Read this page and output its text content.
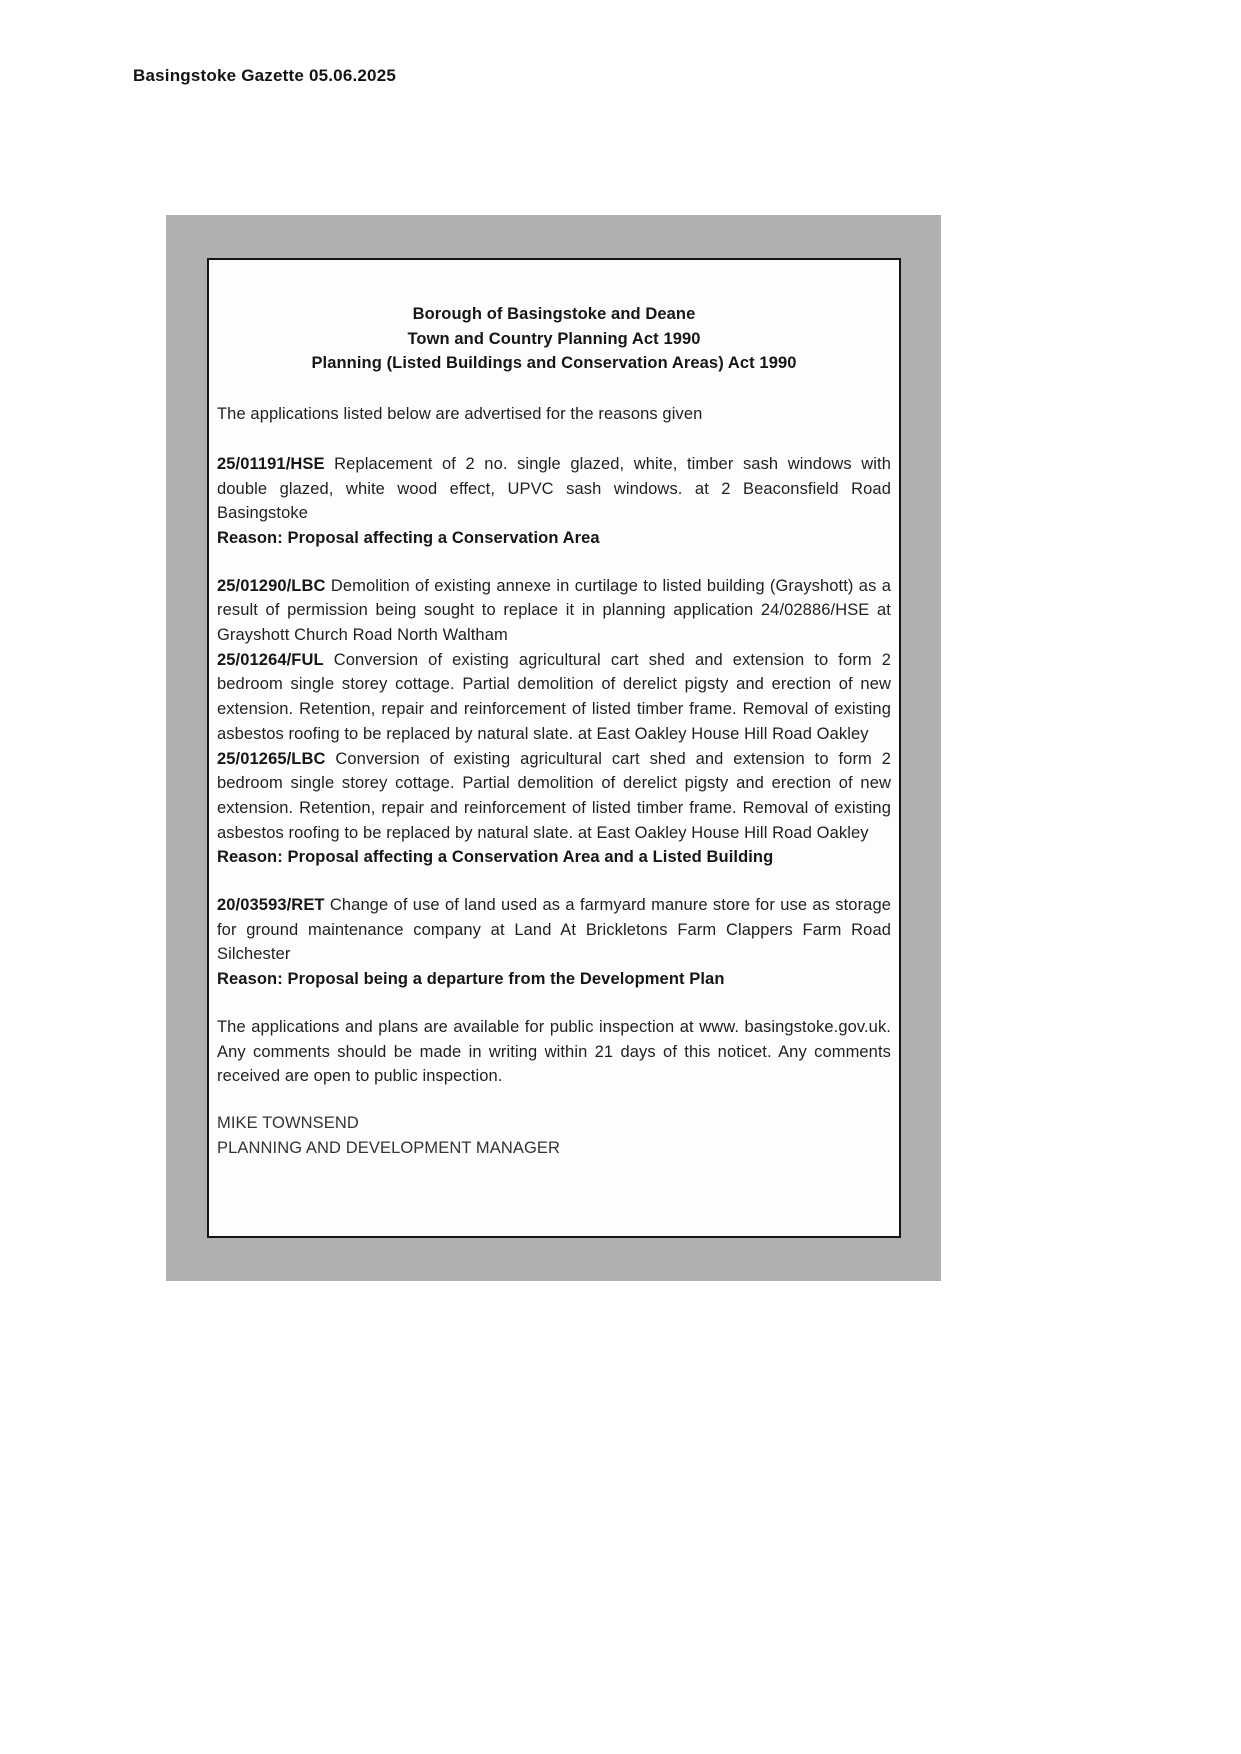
Basingstoke Gazette 05.06.2025
Borough of Basingstoke and Deane
Town and Country Planning Act 1990
Planning (Listed Buildings and Conservation Areas) Act 1990

The applications listed below are advertised for the reasons given

25/01191/HSE Replacement of 2 no. single glazed, white, timber sash windows with double glazed, white wood effect, UPVC sash windows. at 2 Beaconsfield Road Basingstoke

Reason: Proposal affecting a Conservation Area

25/01290/LBC Demolition of existing annexe in curtilage to listed building (Grayshott) as a result of permission being sought to replace it in planning application 24/02886/HSE at Grayshott Church Road North Waltham

25/01264/FUL Conversion of existing agricultural cart shed and extension to form 2 bedroom single storey cottage. Partial demolition of derelict pigsty and erection of new extension. Retention, repair and reinforcement of listed timber frame. Removal of existing asbestos roofing to be replaced by natural slate. at East Oakley House Hill Road Oakley

25/01265/LBC Conversion of existing agricultural cart shed and extension to form 2 bedroom single storey cottage. Partial demolition of derelict pigsty and erection of new extension. Retention, repair and reinforcement of listed timber frame. Removal of existing asbestos roofing to be replaced by natural slate. at East Oakley House Hill Road Oakley

Reason: Proposal affecting a Conservation Area and a Listed Building

20/03593/RET Change of use of land used as a farmyard manure store for use as storage for ground maintenance company at Land At Brickletons Farm Clappers Farm Road Silchester

Reason: Proposal being a departure from the Development Plan

The applications and plans are available for public inspection at www. basingstoke.gov.uk. Any comments should be made in writing within 21 days of this noticet. Any comments received are open to public inspection.

MIKE TOWNSEND
PLANNING AND DEVELOPMENT MANAGER
